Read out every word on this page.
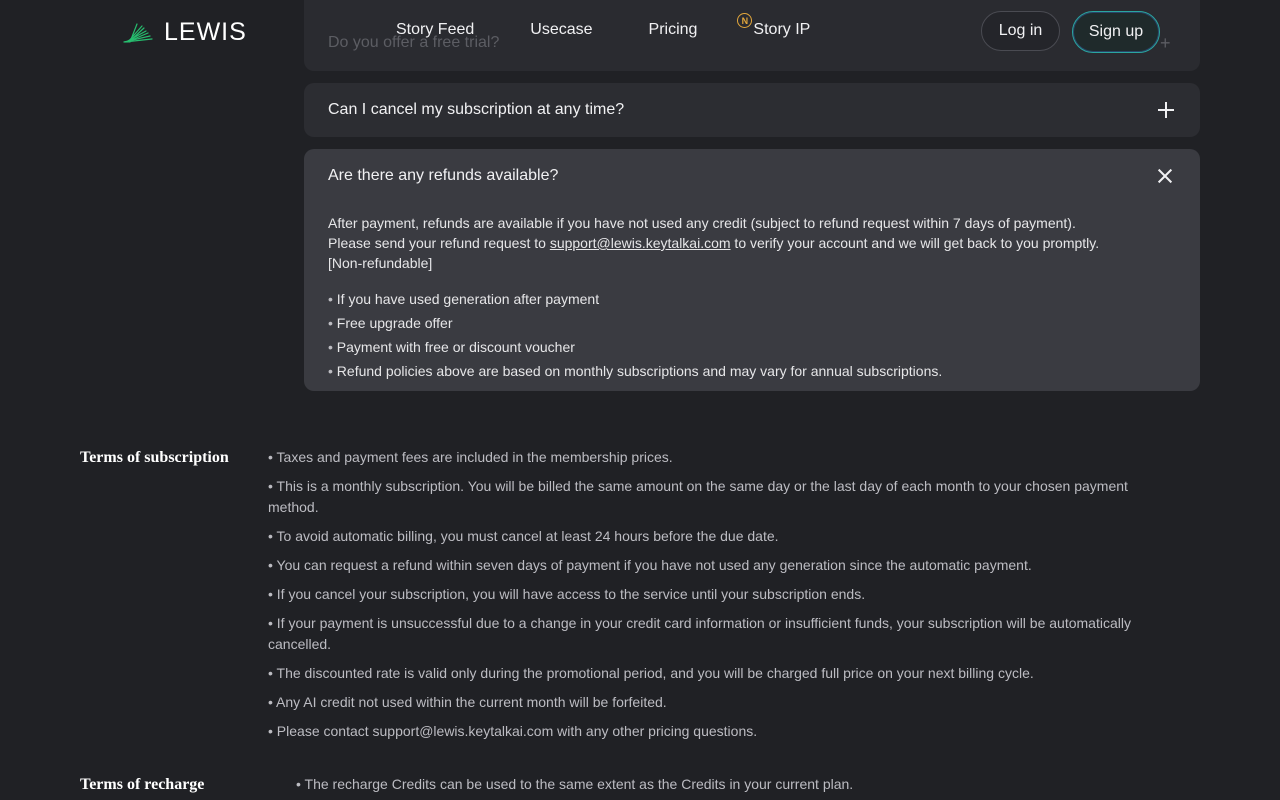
Do you offer a free trial?	+
LEWIS	Story Feed	Usecase	Pricing
N
Story IP	Log in	Sign up
Can I cancel my subscription at any time?
Are there any refunds available?
After payment, refunds are available if you have not used any credit (subject to refund request within 7 days of payment).
Please send your refund request to support@lewis.keytalkai.com to verify your account and we will get back to you promptly.
[Non-refundable]
• If you have used generation after payment
• Free upgrade offer
• Payment with free or discount voucher
• Refund policies above are based on monthly subscriptions and may vary for annual subscriptions.
Terms of subscription	• Taxes and payment fees are included in the membership prices.
• This is a monthly subscription. You will be billed the same amount on the same day or the last day of each month to your chosen payment method.
• To avoid automatic billing, you must cancel at least 24 hours before the due date.
• You can request a refund within seven days of payment if you have not used any generation since the automatic payment.
• If you cancel your subscription, you will have access to the service until your subscription ends.
• If your payment is unsuccessful due to a change in your credit card information or insufficient funds, your subscription will be automatically cancelled.
• The discounted rate is valid only during the promotional period, and you will be charged full price on your next billing cycle.
• Any AI credit not used within the current month will be forfeited.
• Please contact support@lewis.keytalkai.com with any other pricing questions.
Terms of recharge	• The recharge Credits can be used to the same extent as the Credits in your current plan.
